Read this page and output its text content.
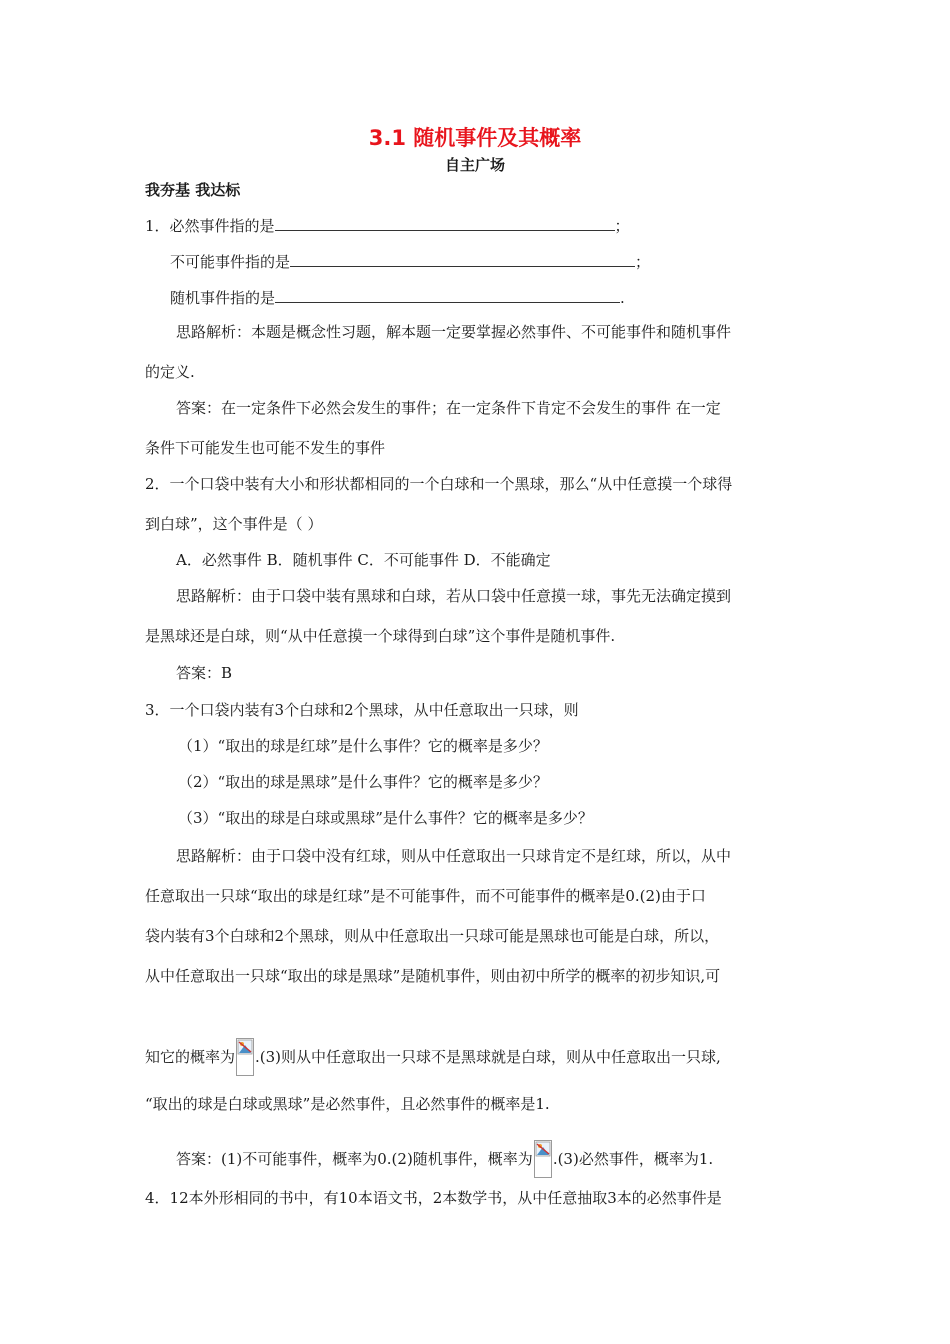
3.1 随机事件及其概率
自主广场
我夯基 我达标
1．必然事件指的是	；
不可能事件指的是	；
随机事件指的是	.
思路解析：本题是概念性习题，解本题一定要掌握必然事件、不可能事件和随机事件
的定义.
答案：在一定条件下必然会发生的事件；在一定条件下肯定不会发生的事件 在一定
条件下可能发生也可能不发生的事件
2．一个口袋中装有大小和形状都相同的一个白球和一个黑球，那么“从中任意摸一个球得
到白球”，这个事件是（ ）
A．必然事件 B．随机事件 C．不可能事件 D．不能确定
思路解析：由于口袋中装有黑球和白球，若从口袋中任意摸一球，事先无法确定摸到
是黑球还是白球，则“从中任意摸一个球得到白球”这个事件是随机事件.
答案：B
3．一个口袋内装有3个白球和2个黑球，从中任意取出一只球，则
（1）“取出的球是红球”是什么事件？它的概率是多少？
（2）“取出的球是黑球”是什么事件？它的概率是多少？
（3）“取出的球是白球或黑球”是什么事件？它的概率是多少？
思路解析：由于口袋中没有红球，则从中任意取出一只球肯定不是红球，所以，从中
任意取出一只球“取出的球是红球”是不可能事件，而不可能事件的概率是0.(2)由于口
袋内装有3个白球和2个黑球，则从中任意取出一只球可能是黑球也可能是白球，所以，
从中任意取出一只球“取出的球是黑球”是随机事件，则由初中所学的概率的初步知识,可
知它的概率为 .(3)则从中任意取出一只球不是黑球就是白球，则从中任意取出一只球,
“取出的球是白球或黑球”是必然事件，且必然事件的概率是1.
答案：(1)不可能事件，概率为0.(2)随机事件，概率为 .(3)必然事件，概率为1.
4．12本外形相同的书中，有10本语文书，2本数学书，从中任意抽取3本的必然事件是
